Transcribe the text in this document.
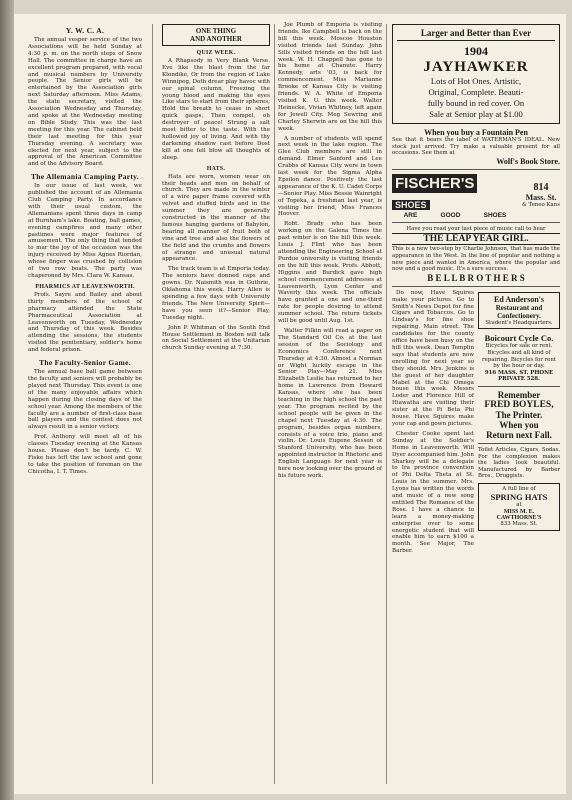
Y. W. C. A.

The annual vesper service of the two Associations will be held Sunday at 4:30 p. m. on the north steps of Snow Hall. The committee in charge have an excellent program prepared, with vocal and musical numbers by University people. The Senior girls will be entertained by the Association girls next Saturday afternoon. Miss Adams, the state secretary, visited the Association Wednesday and Thursday, and spoke at the Wednesday meeting on Bible Study. This was the last meeting for this year. The cabinet held their last meeting for this year Thursday evening. A secretary was elected for next year, subject to the approval of the American Committee and of the Advisory Board.

The Allemania Camping Party.

In our issue of last week, we published the account of an Allemania Club Camping Party. In accordance with their usual custom, the Allemanians spent three days in camp at Burnham's lake. Boating, ball games, evening campfires and many other pastimes were major features of amusement. The only thing that tended to mar the joy of the occasion was the injury received by Miss Agnes Riordan, whose finger was crushed by collision of two row boats. The party was chaperoned by Mrs. Clara W. Kansas.

PHARMICS AT LEAVENWORTH.

Profs. Sayre and Bailey and about thirty members of the school of pharmacy attended the State Pharmaceutical Association at Leavenworth on Tuesday, Wednesday and Thursday of this week. Besides attending the sessions, the students visited the penitentiary, soldier's home and federal prison.

The Faculty-Senior Game.

The annual base ball game between the faculty and seniors will probably be played next Thursday. This event is one of the many enjoyable affairs which happen during the closing days of the school year. Among the members of the faculty are a number of first-class base ball players and the contest does not always result in a senior victory.

Prof. Anthony will meet all of his classes Tuesday evening at the Kansas house. Please don't be tardy. C. W. Fiske has left the law school and gone to take the position of foreman on the Chicotha, I. T. Times.

ONE THING
AND ANOTHER
QUIZ WEEK.

A Rhapsody in Very Blank Verse. Eve like the blast from the far Klondike, Or from the region of Lake Winnipeg, Doth drear play havoc with our spinal column, Freezing the young blood and making the eyes Like stars to start from their spheres; Hold the breath to cease in short quick gasps, Then compel, oh destroyer of peace! Strung a salt most bitter to the taste. With the hollowed joy of living. And with thy darkening shadow cast before Dost kill at one fell blow all thoughts of sleep.

HATS.

Hats are worn, women wear on their heads and men on behalf of church. They are made in the winter of a wire paper frame covered with velvet and stuffed birds and in the summer they are generally constructed in the manner of the famous hanging gardens of Babylon, bearing all manner of fruit both of vine and tree and also the flowers of the field and the crumbs and flowers of strange and unusual natural appearance.

The track team is at Emporia today. The seniors have donned caps and gowns. Dr. Naismith was in Guthrie, Oklahoma this week. Harry Allen is spending a few days with University friends. The New University Spirit—have you seen it?—Senior Play, Tuesday night.

John P. Whitman of the South End House Settlement in Boston will talk on Social Settlement at the Unitarian church Sunday evening at 7:30.

Joe Plumb of Emporia is visiting friends. Ike Campbell is back on the hill this week. Moscoe Houston visited friends last Sunday. John Sills visited friends on the hill last week. W. H. Chappell has gone to his home at Chanute. Harry Kennedy, arts '03, is back for commencement. Miss Marianne Brooke of Kansas City is visiting friends. W. A. White of Emporia visited K. U. this week. Walter Heinecke, Vivian Whitney, left again for Jewell City. Meg Sewring and Charley Sherwin are on the hill this week.

A number of students will spend next week in the lake region. The Glee Club members are still in demand. Elmer Sanford and Lee Crabbs of Kansas City were in town last week for the Sigma Alpha Epsilon dance. Positively the last appearance of the K. U. Cadet Corps—Senior Play. Miss Bessie Wainright of Topeka, a freshman last year, is visiting her friend, Miss Frances Hoover.

Robt. Brady who has been working on the Galena Times the past winter is on the hill this week. Louis J. Flint who has been attending the Engineering School at Purdue university is visiting friends on the hill this week. Profs. Abbott, Higgins and Burdick gave high school commencement addresses at Leavenworth, Lyon Center and Waverly this week. The officials have granted a one and one-third rate for people desiring to attend summer school. The return tickets will be good until Aug. 1st.

Walter Filkin will read a paper on The Standard Oil Co. at the last session of the Sociology and Economics Conference next Thursday at 4:30. Almost a Norman or Wight luckily escape in the Senior Play—May 21. Miss Elizabeth Leslie has returned to her home in Lawrence from Howard Kansas, where she has been teaching in the high school the past year. The program recited by the school people will be given in the chapel next Tuesday at 4:30. The program, besides organ numbers, consists of a voice trio, piano and violin. Dr. Louis Eugene Sesson of Stanford University, who has been appointed instructor in Rhetoric and English Language for next year is here now looking over the ground of his future work.

Larger and Better than Ever
1904
JAYHAWKER
Lots of Hot Ones. Artistic,
Original, Complete. Beauti-
fully bound in red cover. On
Sale at Senior play at $1.00
When you buy a Fountain Pen
See that it bears the label of WATERMAN'S IDEAL. New stock just arrived. Try make a valuable present for all occasions. See them at
Wolf's Book Store.
FISCHER'S SHOES
ARE	GOOD	SHOES
814
Mass. St.
& Teneo Kans
Have you read your last piece of music call to hear
THE LEAP YEAR GIRL.
This is a new two-step by Charlie Johnson, that has made the appearance in the West. In the line of popular and nothing a new piece and wanted in America, where the popular and now and a good music. It's a sure success.
B E L L B R O T H E R S

Do now, Have Squires make your pictures. Go to Smith's News Depot for fine Cigars and Tobaccos. Go to Lindsay's for fine shoe repairing. Main street. The candidates for the county office have been busy on the hill this week. Dean Templin says that students are now enrolling for next year so they should. Mrs. Jenkins is the guest of her daughter Mabel at the Chi Omega house this week. Messrs Loder and Florence Hill of Hiawatha are visiting their sister at the Pi Beta Phi house. Have Squires make your cap and gown pictures.

Chester Cooke spent last Sunday at the Soldier's Home in Leavenworth. Will Dyer accompanied him. John Sharkey will be a delegate to Ira province convention of Phi Delta Theta at St. Louis in the summer. Mrs. Lyons has written the words and music of a new song entitled The Romance of the Rose. I have a chance to learn a money-making enterprise over to some energetic student that will enable him to earn $100 a month. See Major, The Barber.

Ed Anderson's
Restaurant and Confectionery.
Student's Headquarters.
Boicourt Cycle Co.
Bicycles for sale or rent. Bicycles and all kind of repairing. Bicycles for rent by the hour or day.
916 MASS. ST. PHONE PRIVATE 528.
Remember
FRED BOYLES,
The Printer.
When you
Return next Fall.

Toilet Articles, Cigars, Sodas. For the complexion makes the ladies look beautiful. Manufactured by Barber Bros., Druggists.

A full line of
SPRING HATS
at
MISS M. E. CAWTHORNE'S
833 Mass. St.
